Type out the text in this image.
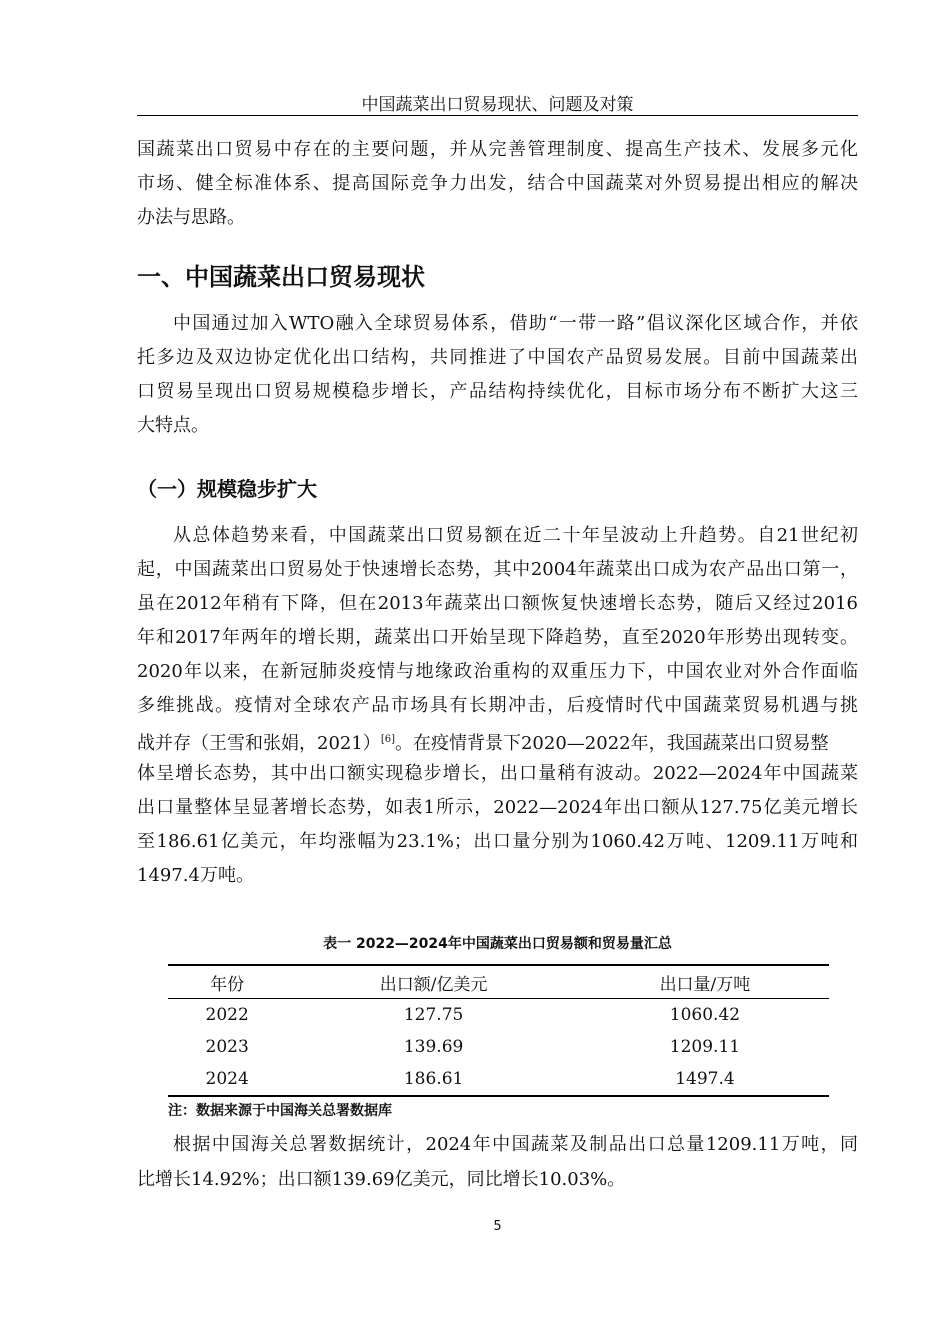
中国蔬菜出口贸易现状、问题及对策
国蔬菜出口贸易中存在的主要问题，并从完善管理制度、提高生产技术、发展多元化
市场、健全标准体系、提高国际竞争力出发，结合中国蔬菜对外贸易提出相应的解决
办法与思路。
一、中国蔬菜出口贸易现状
中国通过加入WTO融入全球贸易体系，借助“一带一路”倡议深化区域合作，并依
托多边及双边协定优化出口结构，共同推进了中国农产品贸易发展。目前中国蔬菜出
口贸易呈现出口贸易规模稳步增长，产品结构持续优化，目标市场分布不断扩大这三
大特点。
（一）规模稳步扩大
从总体趋势来看，中国蔬菜出口贸易额在近二十年呈波动上升趋势。自21世纪初
起，中国蔬菜出口贸易处于快速增长态势，其中2004年蔬菜出口成为农产品出口第一，
虽在2012年稍有下降，但在2013年蔬菜出口额恢复快速增长态势，随后又经过2016
年和2017年两年的增长期，蔬菜出口开始呈现下降趋势，直至2020年形势出现转变。
2020年以来，在新冠肺炎疫情与地缘政治重构的双重压力下，中国农业对外合作面临
多维挑战。疫情对全球农产品市场具有长期冲击，后疫情时代中国蔬菜贸易机遇与挑
战并存（王雪和张娟，2021）[6]。在疫情背景下2020—2022年，我国蔬菜出口贸易整
体呈增长态势，其中出口额实现稳步增长，出口量稍有波动。2022—2024年中国蔬菜
出口量整体呈显著增长态势，如表1所示，2022—2024年出口额从127.75亿美元增长
至186.61亿美元，年均涨幅为23.1%；出口量分别为1060.42万吨、1209.11万吨和
1497.4万吨。
表一 2022—2024年中国蔬菜出口贸易额和贸易量汇总
年份	出口额/亿美元	出口量/万吨
2022	127.75	1060.42
2023	139.69	1209.11
2024	186.61	1497.4
注：数据来源于中国海关总署数据库
根据中国海关总署数据统计，2024年中国蔬菜及制品出口总量1209.11万吨，同
比增长14.92%；出口额139.69亿美元，同比增长10.03%。
5
